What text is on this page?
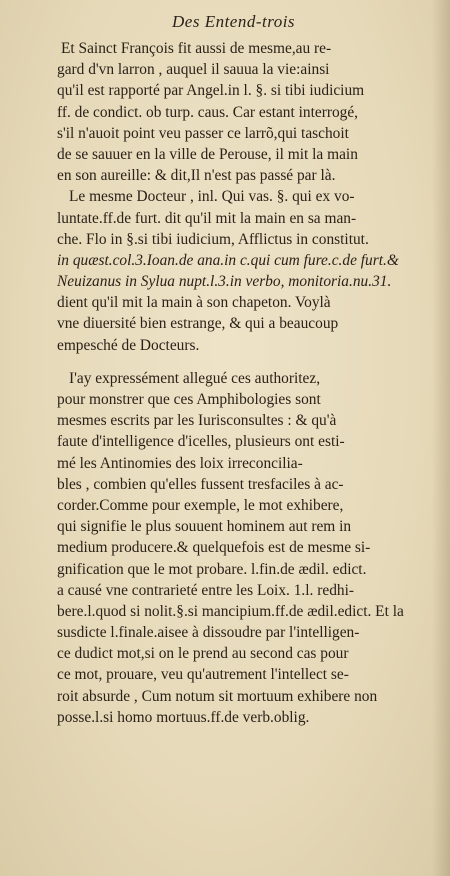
Des Entend-trois
Et Sainct François fit aussi de mesme,au re-
gard d'vn larron , auquel il sauua la vie:ainsi
qu'il est rapporté par Angel.in l. §. si tibi iudicium
ff. de condict. ob turp. caus. Car estant interrogé,
s'il n'auoit point veu passer ce larrõ,qui taschoit
de se sauuer en la ville de Perouse, il mit la main
en son aureille: & dit,Il n'est pas passé par là.
Le mesme Docteur , inl. Qui vas. §. qui ex vo-
luntate.ff.de furt. dit qu'il mit la main en sa man-
che. Flo in §.si tibi iudicium, Afflictus in constitut.
in quæst.col.3.Ioan.de ana.in c.qui cum fure.c.de furt.&
Neuizanus in Sylua nupt.l.3.in verbo, monitoria.nu.31.
dient qu'il mit la main à son chapeton. Voylà
vne diuersité bien estrange, & qui a beaucoup
empesché de Docteurs.
I'ay expressément allegué ces authoritez,
pour monstrer que ces Amphibologies sont
mesmes escrits par les Iurisconsultes : & qu'à
faute d'intelligence d'icelles, plusieurs ont esti-
mé les Antinomies des loix irreconcilia-
bles , combien qu'elles fussent tresfaciles à ac-
corder.Comme pour exemple, le mot exhibere,
qui signifie le plus souuent hominem aut rem in
medium producere.& quelquefois est de mesme si-
gnification que le mot probare. l.fin.de ædil. edict.
a causé vne contrarieté entre les Loix. 1.l. redhi-
bere.l.quod si nolit.§.si mancipium.ff.de ædil.edict. Et la
susdicte l.finale.aisee à dissoudre par l'intelligen-
ce dudict mot,si on le prend au second cas pour
ce mot, prouare, veu qu'autrement l'intellect se-
roit absurde , Cum notum sit mortuum exhibere non
posse.l.si homo mortuus.ff.de verb.oblig.
